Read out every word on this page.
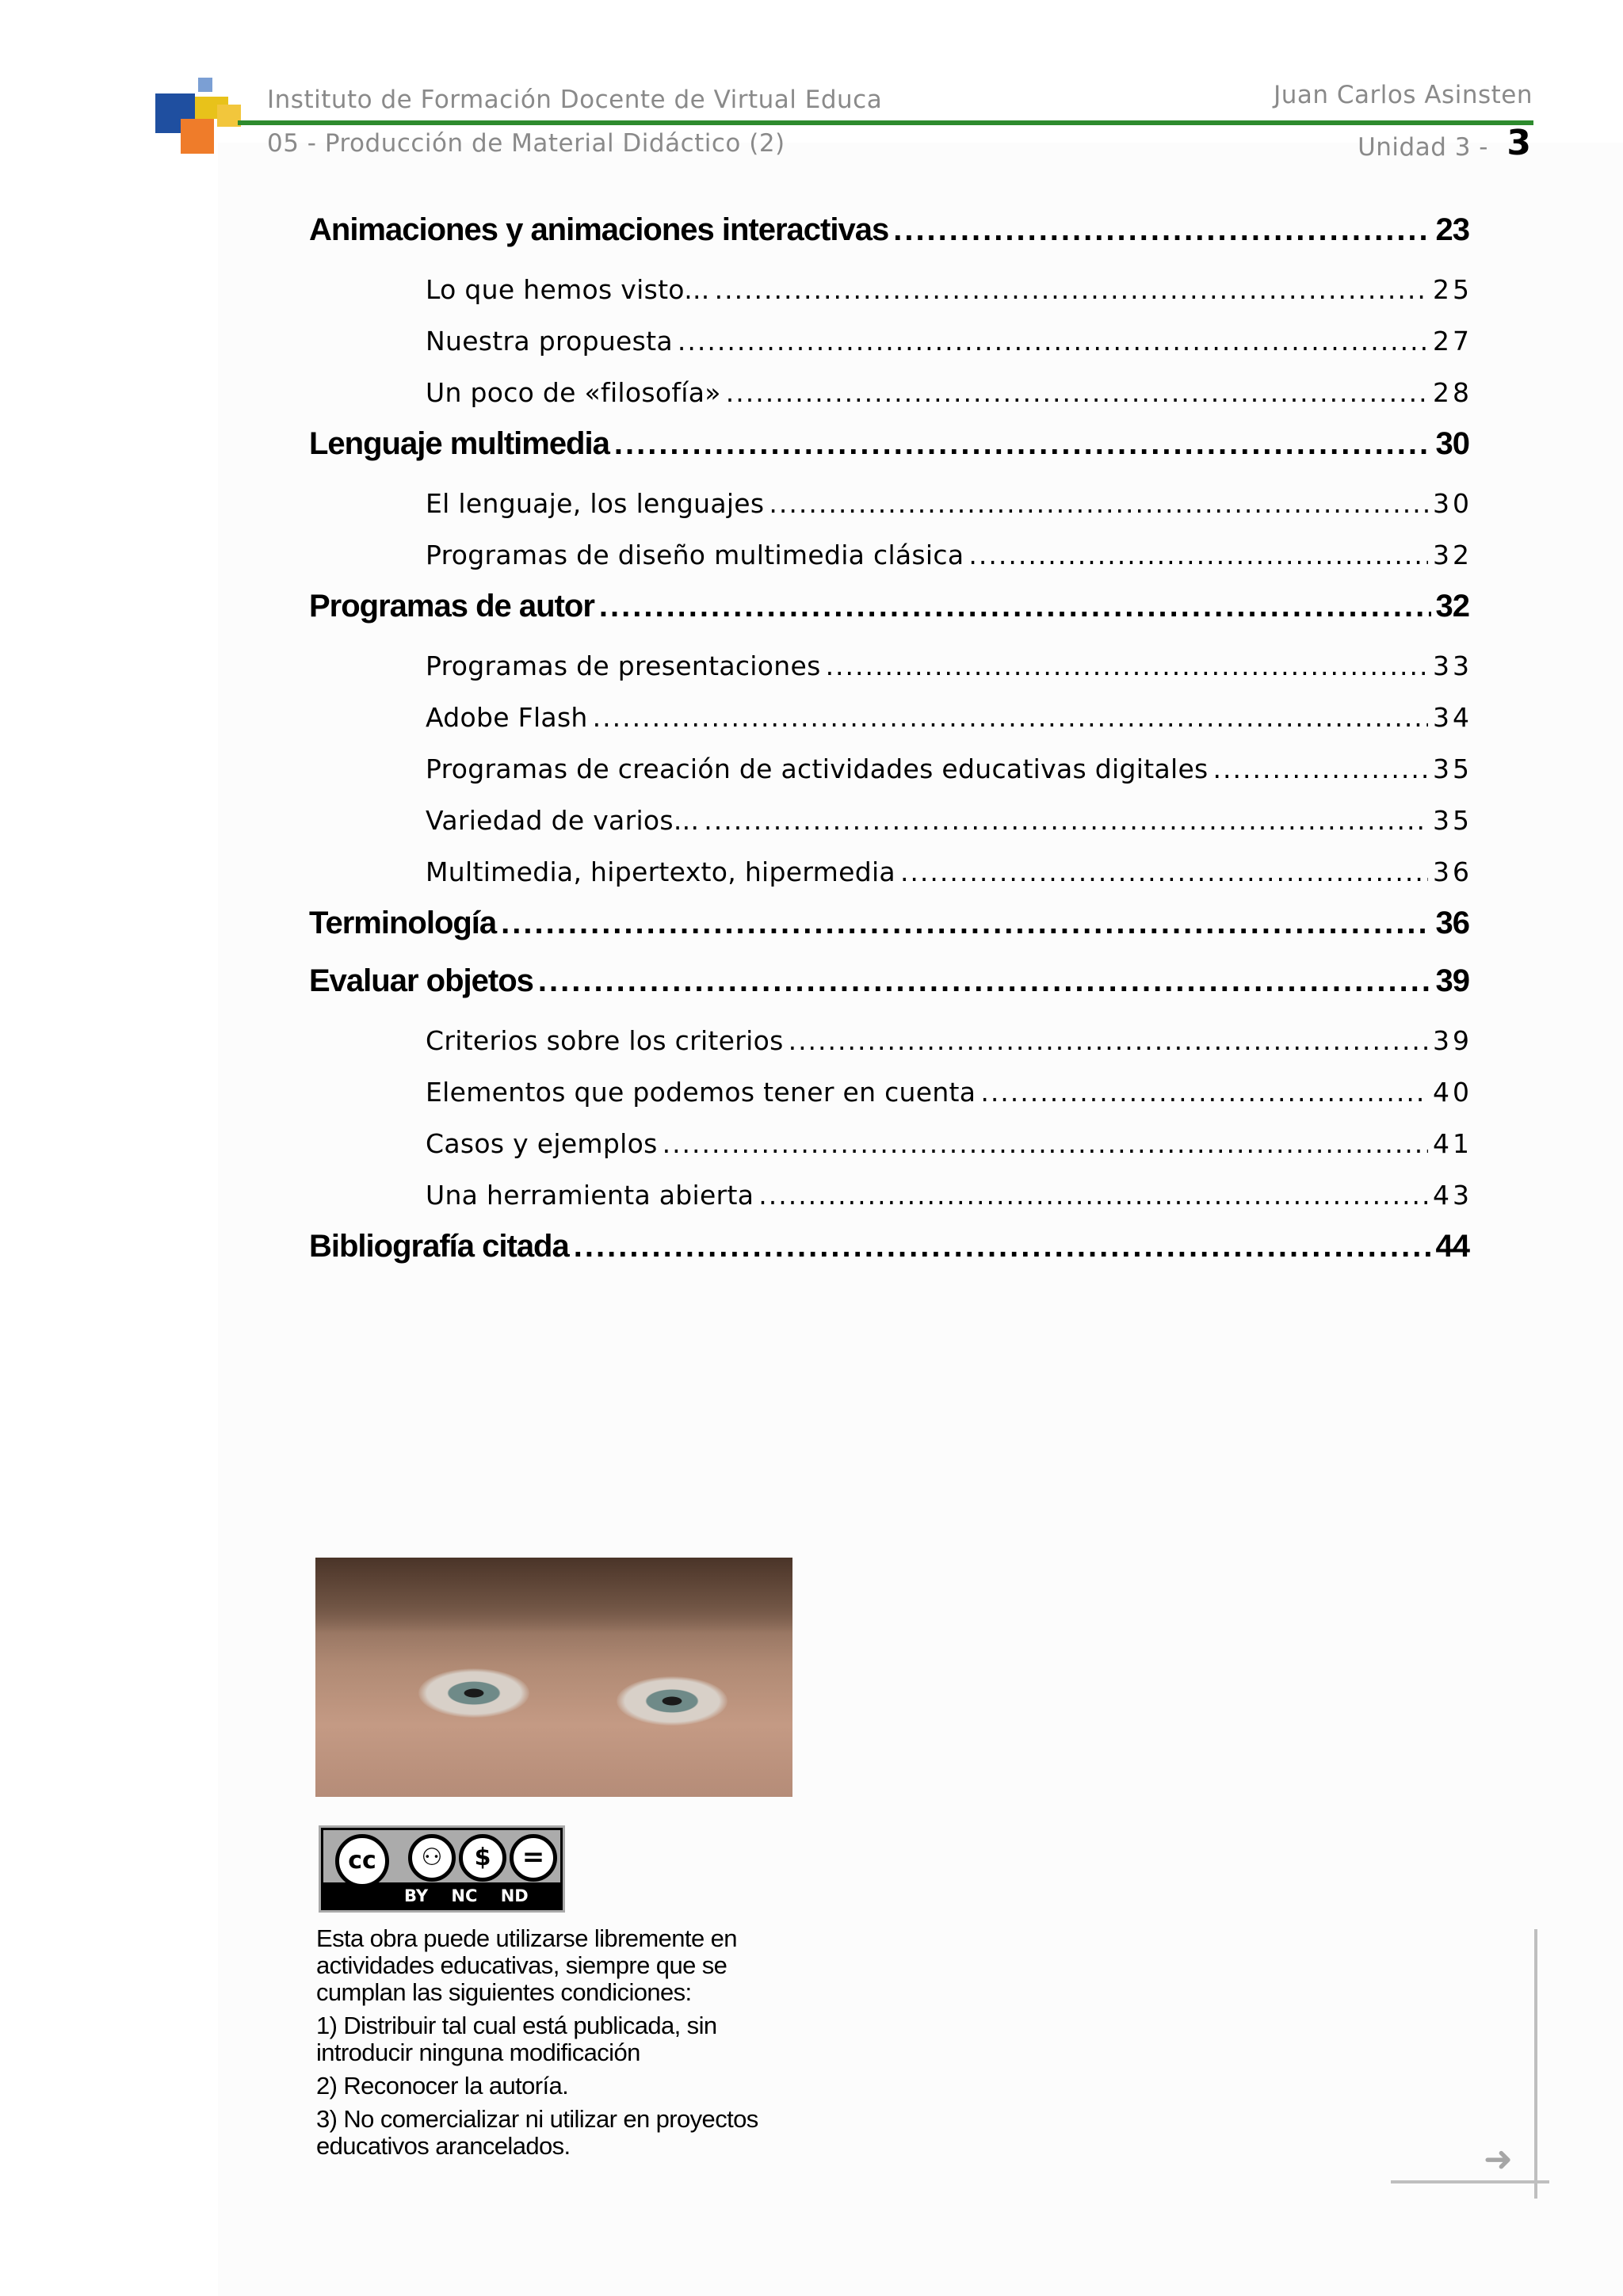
Instituto de Formación Docente de Virtual Educa	Juan Carlos Asinsten
05 - Producción de Material Didáctico (2)	Unidad 3 - 3
Animaciones y animaciones interactivas .....	23
Lo que hemos visto... .....	25
Nuestra propuesta .....	27
Un poco de «filosofía» .....	28
Lenguaje multimedia .....	30
El lenguaje, los lenguajes .....	30
Programas de diseño multimedia clásica .....	32
Programas de autor .....	32
Programas de presentaciones .....	33
Adobe Flash .....	34
Programas de creación de actividades educativas digitales .....	35
Variedad de varios... .....	35
Multimedia, hipertexto, hipermedia .....	36
Terminología .....	36
Evaluar objetos .....	39
Criterios sobre los criterios .....	39
Elementos que podemos tener en cuenta .....	40
Casos y ejemplos .....	41
Una herramienta abierta .....	43
Bibliografía citada .....	44
cc	⚇	$	=
BY NC ND

Esta obra puede utilizarse libremente en actividades educativas, siempre que se cumplan las siguientes condiciones:

1) Distribuir tal cual está publicada, sin introducir ninguna modificación

2) Reconocer la autoría.

3) No comercializar ni utilizar en proyectos educativos arancelados.	➜
